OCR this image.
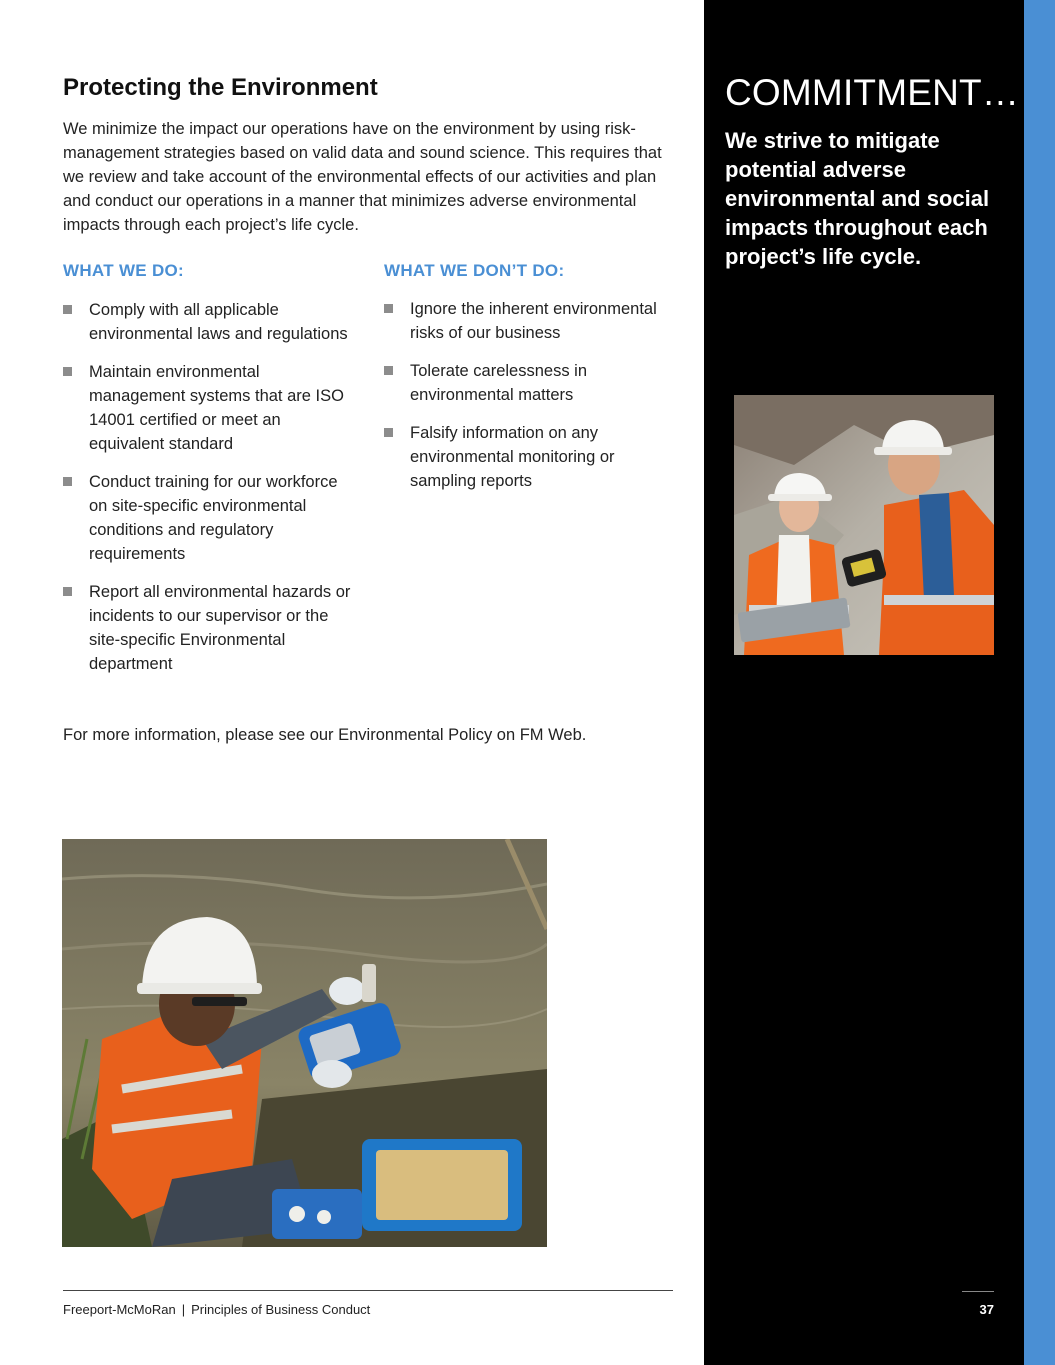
COMMITMENT…
We strive to mitigate potential adverse environmental and social impacts throughout each project’s life cycle.
Protecting the Environment

We minimize the impact our operations have on the environment by using risk-management strategies based on valid data and sound science. This requires that we review and take account of the environmental effects of our activities and plan and conduct our operations in a manner that minimizes adverse environmental impacts through each project’s life cycle.

WHAT WE DO:	WHAT WE DON’T DO:
Comply with all applicable environmental laws and regulations
Maintain environmental management systems that are ISO 14001 certified or meet an equivalent standard
Conduct training for our workforce on site-specific environmental conditions and regulatory requirements
Report all environmental hazards or incidents to our supervisor or the site-specific Environmental department
Ignore the inherent environmental risks of our business
Tolerate carelessness in environmental matters
Falsify information on any environmental monitoring or sampling reports

For more information, please see our Environmental Policy on FM Web.

Freeport-McMoRan | Principles of Business Conduct	37
